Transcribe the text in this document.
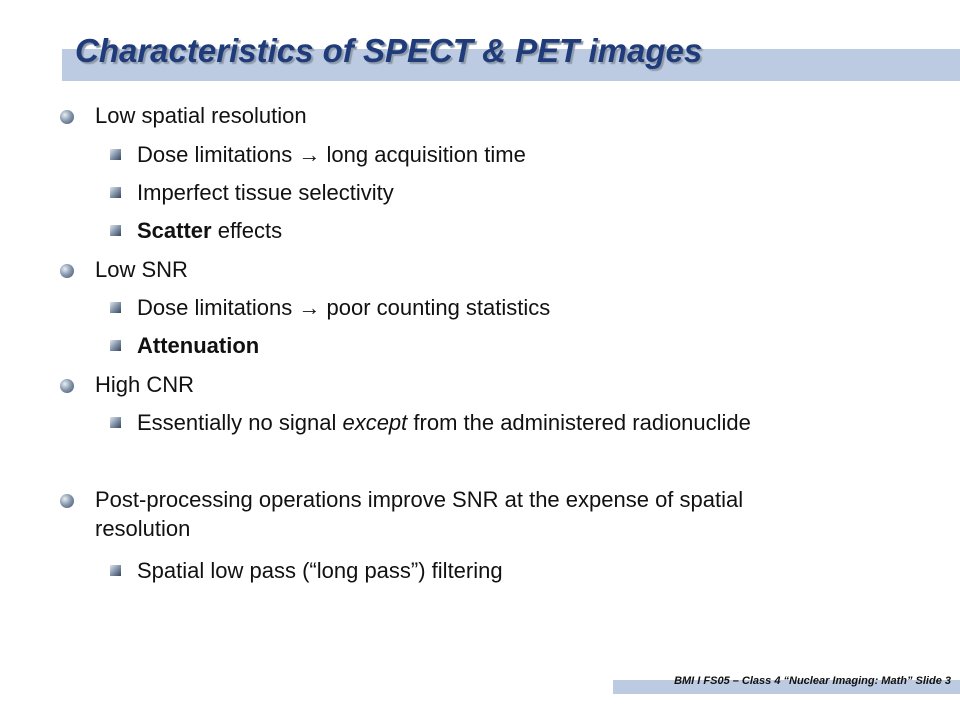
Characteristics of SPECT & PET images
Low spatial resolution
Dose limitations → long acquisition time
Imperfect tissue selectivity
Scatter effects
Low SNR
Dose limitations → poor counting statistics
Attenuation
High CNR
Essentially no signal except from the administered radionuclide
Post-processing operations improve SNR at the expense of spatial
resolution
Spatial low pass (“long pass”) filtering
BMI I FS05 – Class 4 “Nuclear Imaging: Math” Slide 3
